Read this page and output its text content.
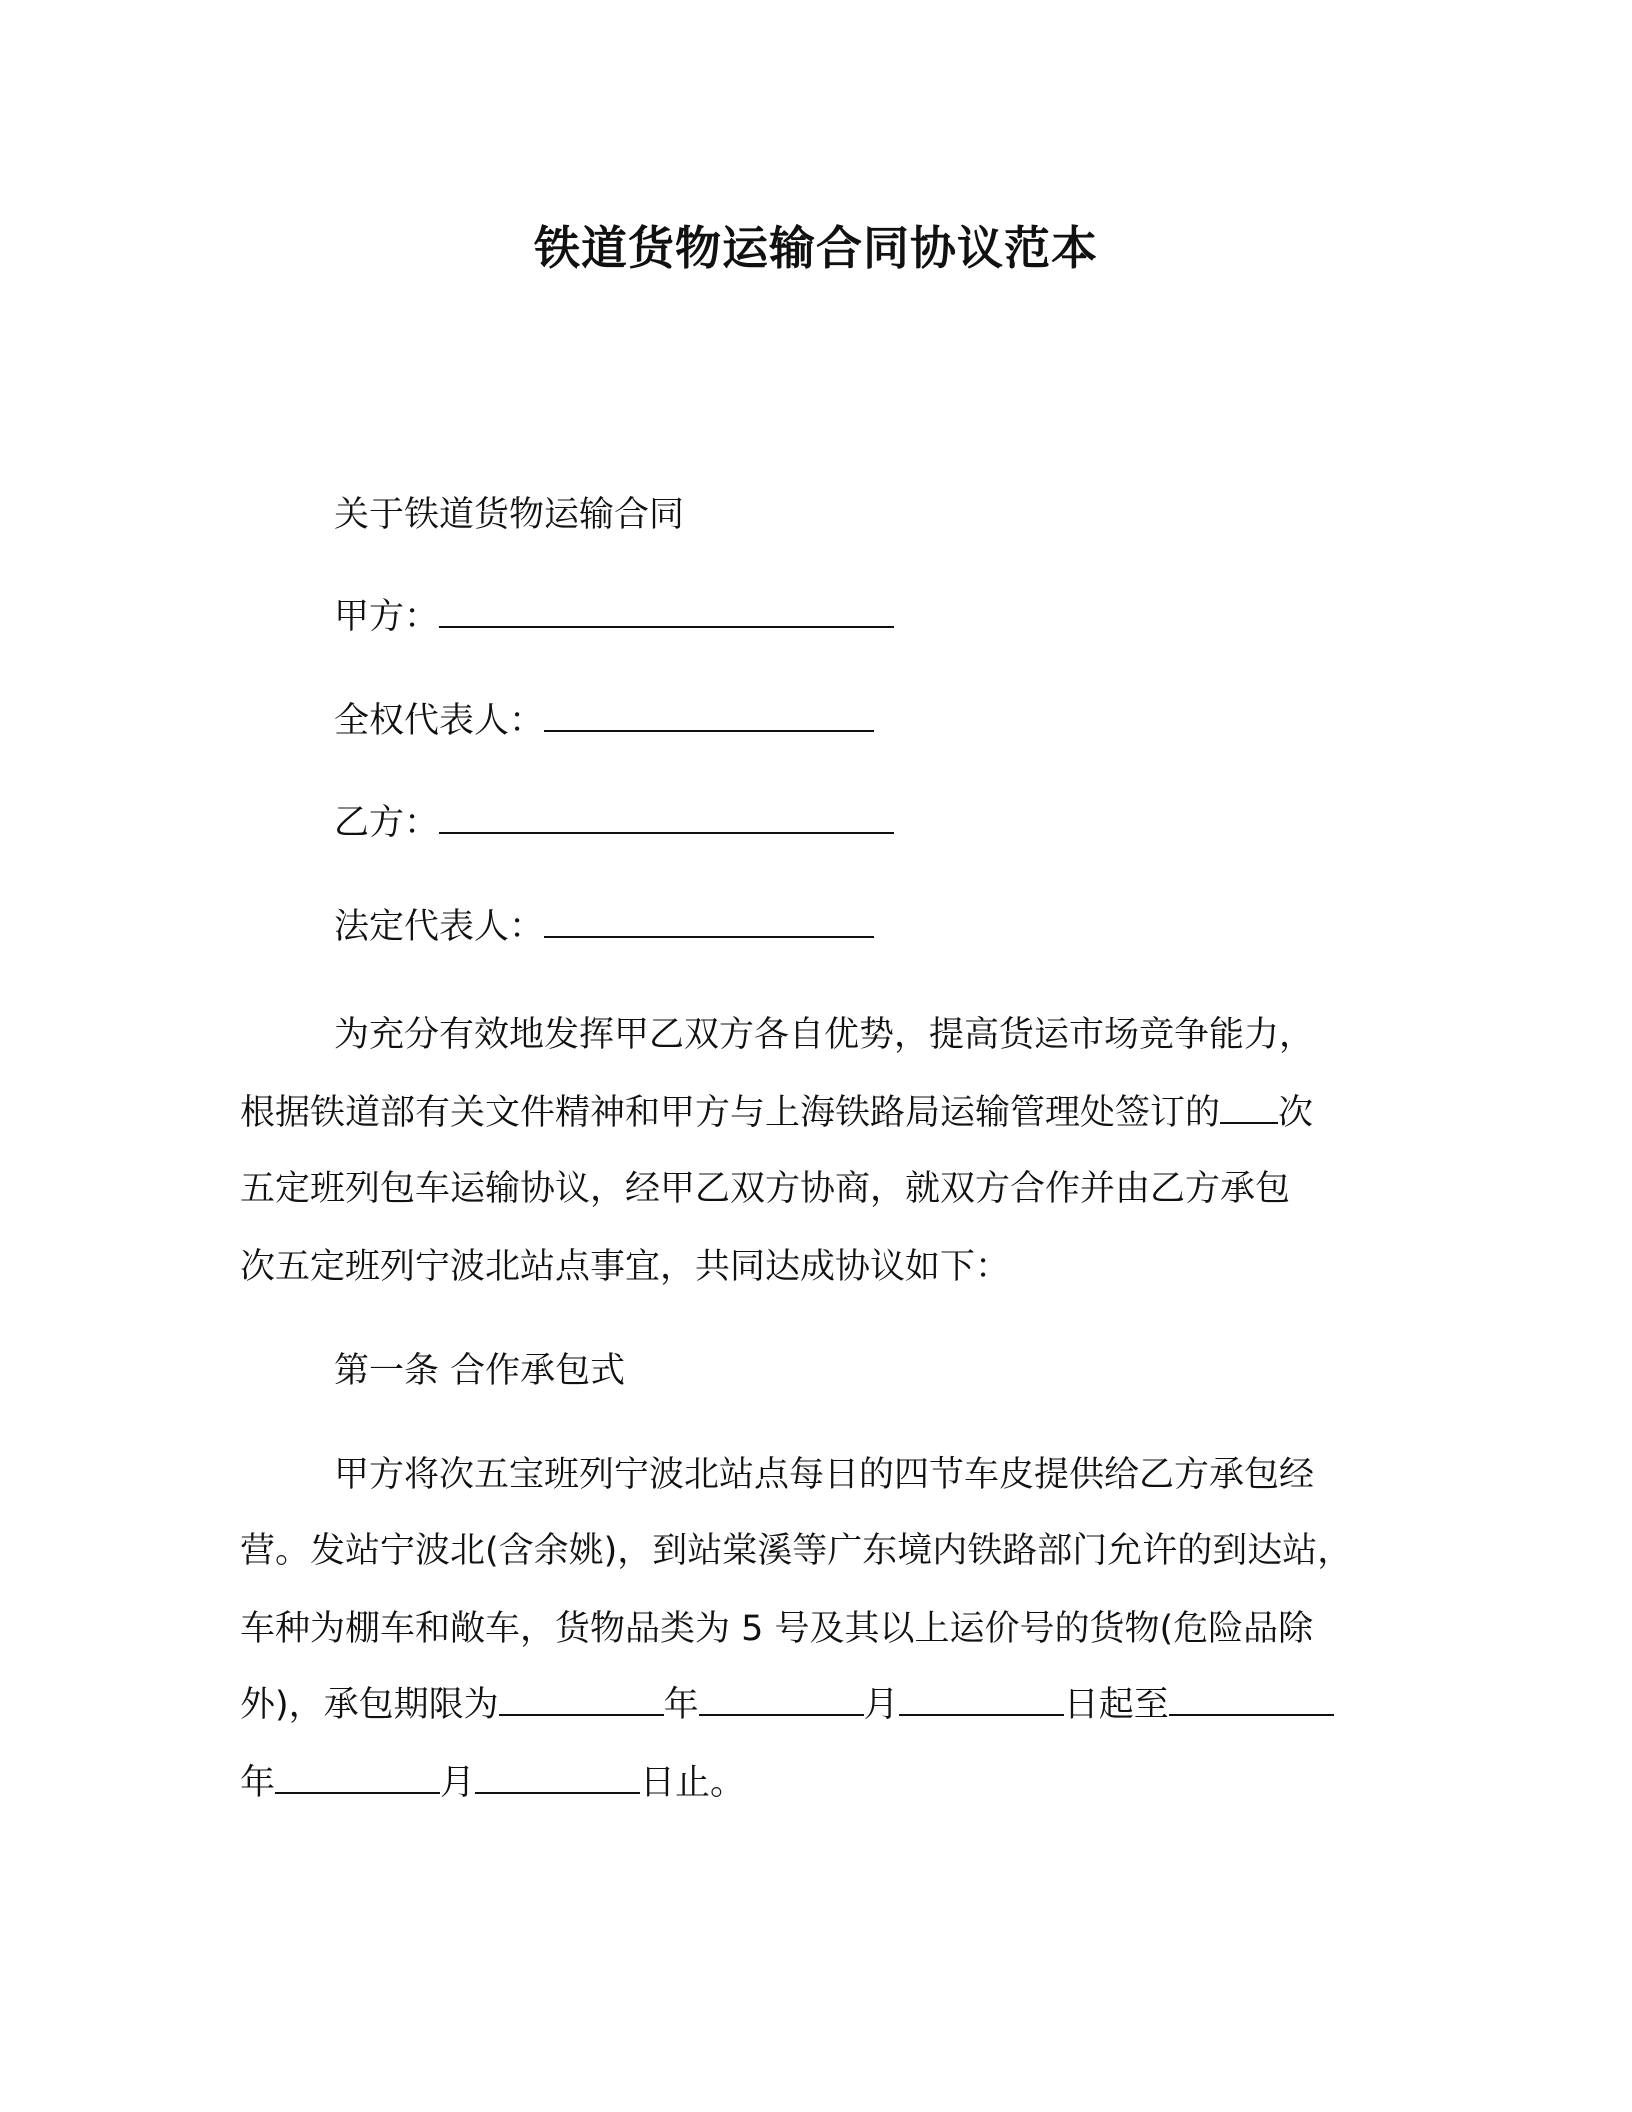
铁道货物运输合同协议范本
关于铁道货物运输合同
甲方：
全权代表人：
乙方：
法定代表人：
为充分有效地发挥甲乙双方各自优势，提高货运市场竞争能力，
根据铁道部有关文件精神和甲方与上海铁路局运输管理处签订的 次
五定班列包车运输协议，经甲乙双方协商，就双方合作并由乙方承包
次五定班列宁波北站点事宜，共同达成协议如下：
第一条 合作承包式
甲方将次五宝班列宁波北站点每日的四节车皮提供给乙方承包经
营。发站宁波北(含余姚)，到站棠溪等广东境内铁路部门允许的到达站，
车种为棚车和敞车，货物品类为 5 号及其以上运价号的货物(危险品除
外)，承包期限为	年	月	日起至
年	月	日止。
